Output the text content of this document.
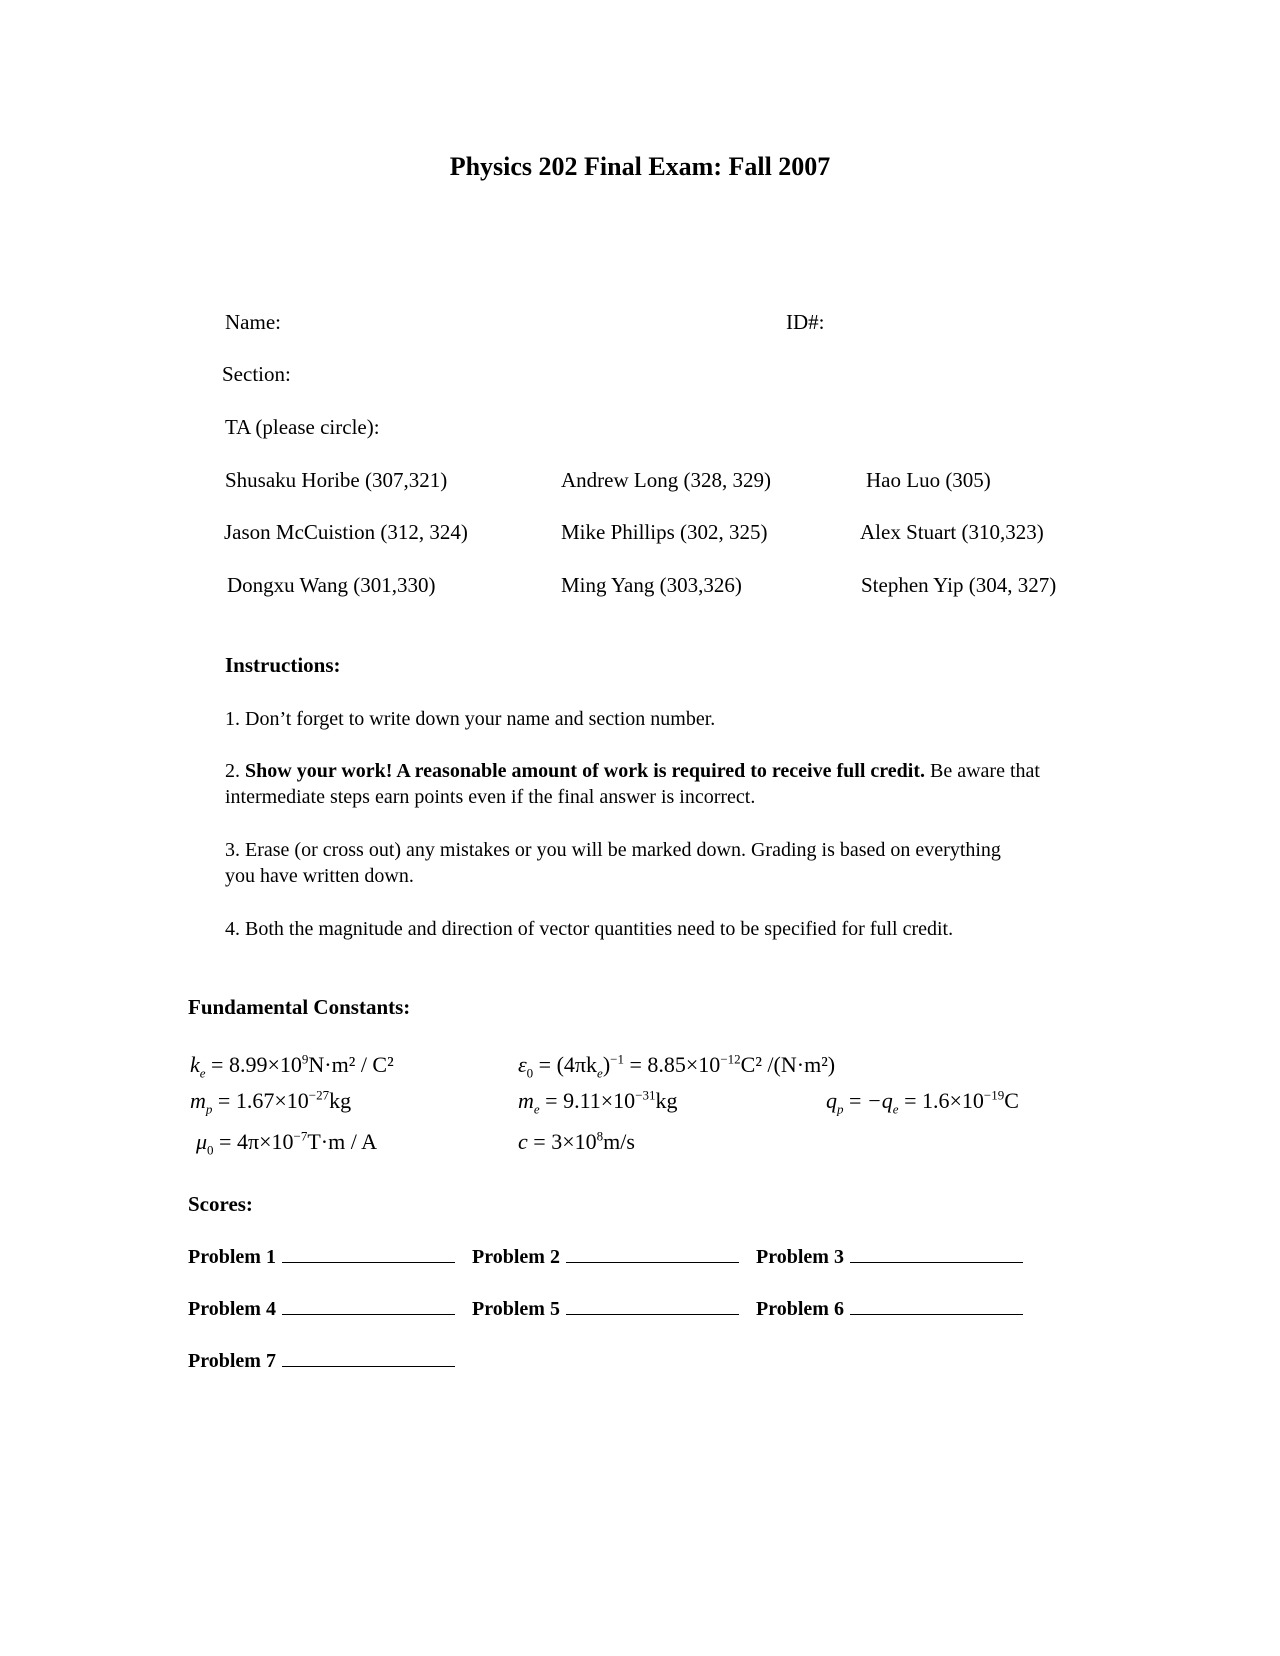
Physics 202 Final Exam: Fall 2007
Name:	ID#:
Section:
TA (please circle):
Shusaku Horibe (307,321)	Andrew Long (328, 329)	Hao Luo (305)
Jason McCuistion (312, 324)	Mike Phillips (302, 325)	Alex Stuart (310,323)
Dongxu Wang (301,330)	Ming Yang (303,326)	Stephen Yip (304, 327)
Instructions:
1. Don’t forget to write down your name and section number.
2. Show your work! A reasonable amount of work is required to receive full credit. Be aware that intermediate steps earn points even if the final answer is incorrect.
3. Erase (or cross out) any mistakes or you will be marked down. Grading is based on everything you have written down.
4. Both the magnitude and direction of vector quantities need to be specified for full credit.
Fundamental Constants:
$k_e = 8.99\times 10^9N\cdot m^2 / C^2$	$\varepsilon_0 = (4\pi k_e)^{-1} = 8.85\times 10^{-12}C^2$ /(N·m²)
$m_p = 1.67\times 10^{-27}kg$	$m_e = 9.11\times 10^{-31}kg$	$q_p = -q_e = 1.6\times 10^{-19}C$
$\mu_0 = 4\pi\times 10^{-7}T\cdot m / A$	$c = 3\times 10^8m/s$
Scores:
Problem 1	Problem 2	Problem 3
Problem 4	Problem 5	Problem 6
Problem 7
